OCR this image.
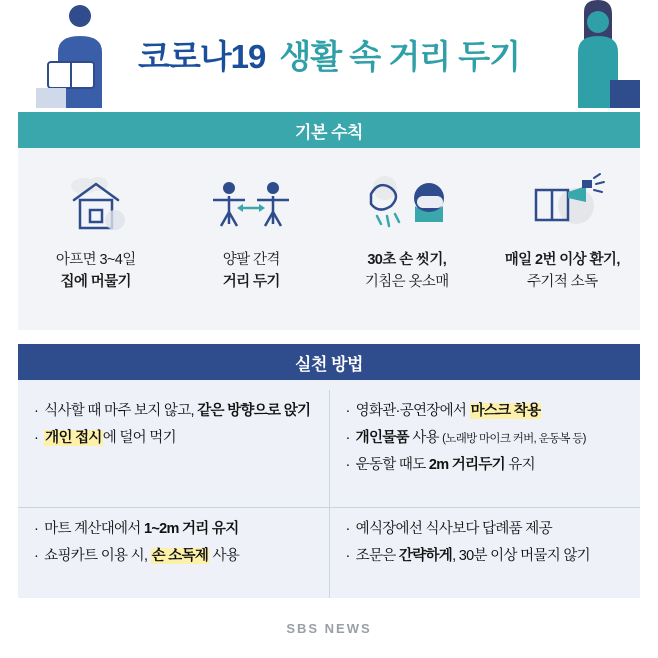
코로나19 생활 속 거리 두기
기본 수칙
아프면 3~4일
집에 머물기
양팔 간격
거리 두기
30초 손 씻기,
기침은 옷소매
매일 2번 이상 환기,
주기적 소독
실천 방법
· 식사할 때 마주 보지 않고, 같은 방향으로 앉기
· 개인 접시에 덜어 먹기
· 영화관·공연장에서 마스크 착용
· 개인물품 사용 (노래방 마이크 커버, 운동복 등)
· 운동할 때도 2m 거리두기 유지
· 마트 계산대에서 1~2m 거리 유지
· 쇼핑카트 이용 시, 손 소독제 사용
· 예식장에선 식사보다 답례품 제공
· 조문은 간략하게, 30분 이상 머물지 않기
SBS NEWS
